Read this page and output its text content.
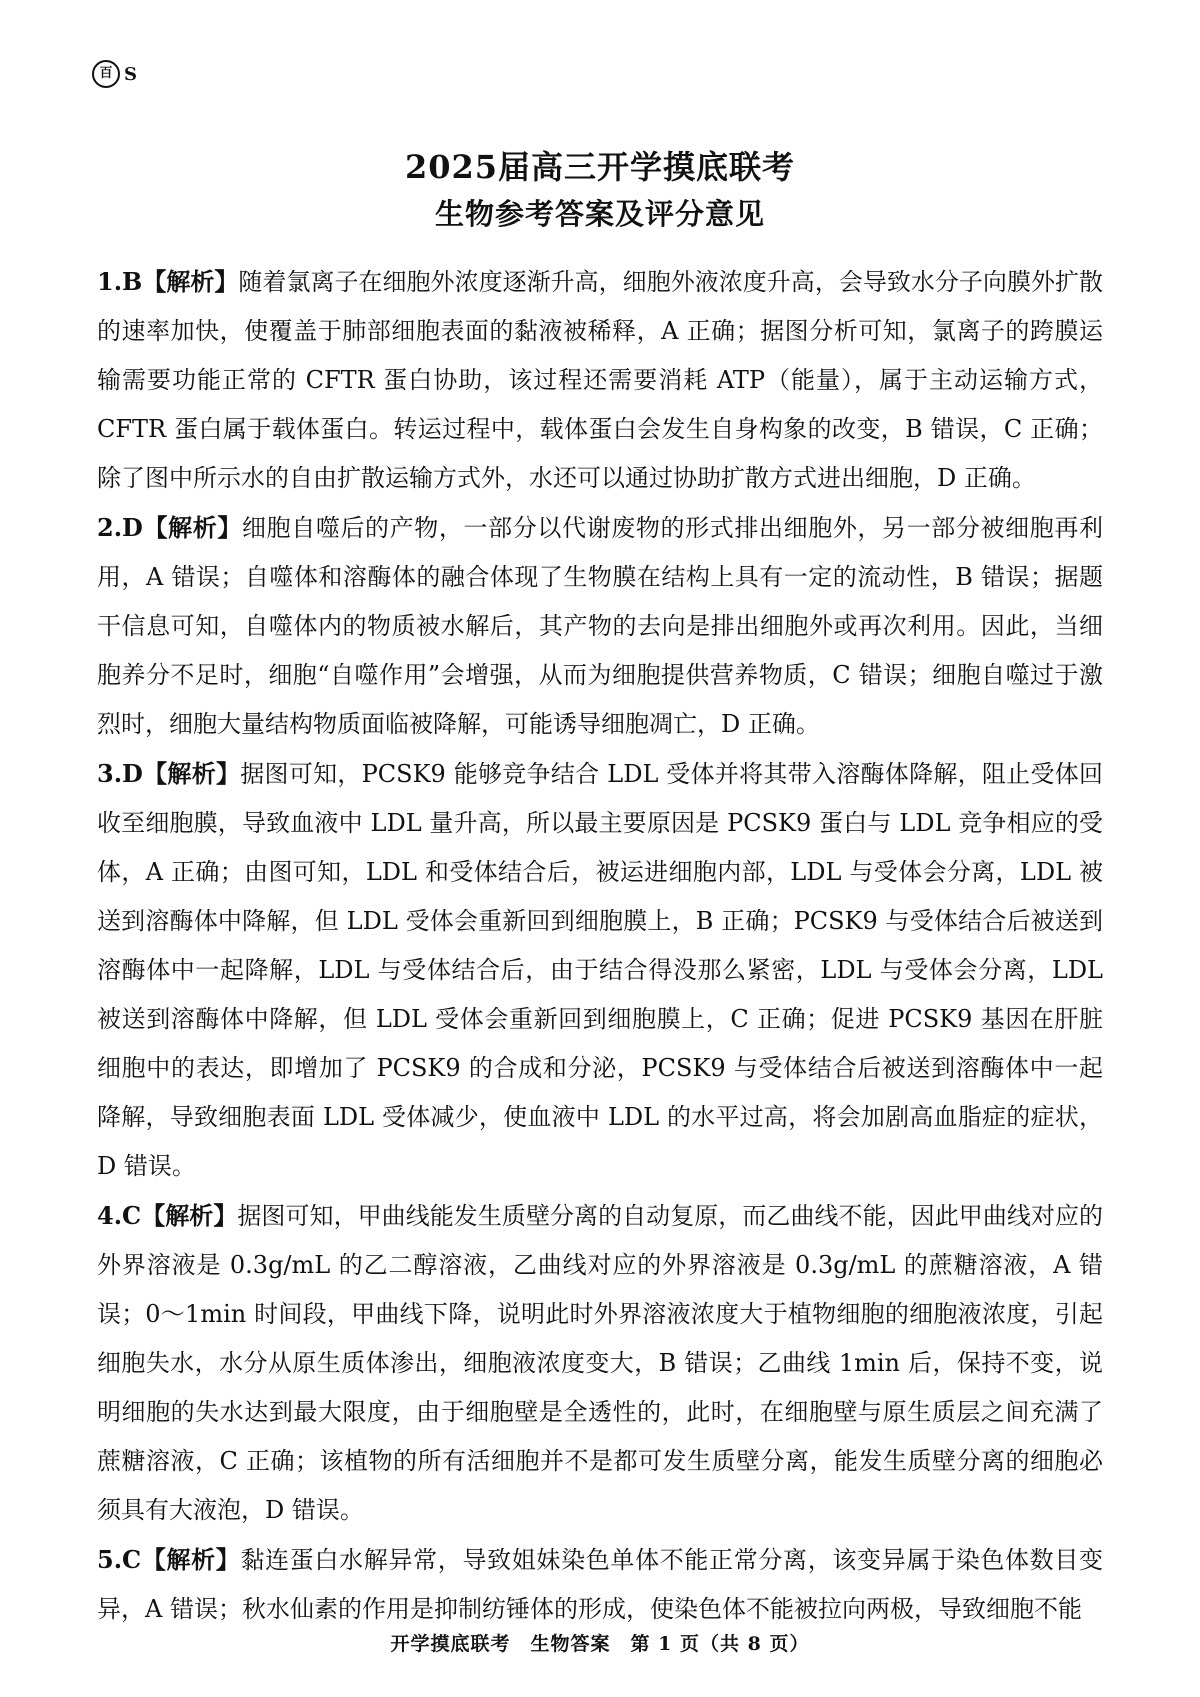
百 S
2025届高三开学摸底联考
生物参考答案及评分意见

1.B【解析】随着氯离子在细胞外浓度逐渐升高，细胞外液浓度升高，会导致水分子向膜外扩散的速率加快，使覆盖于肺部细胞表面的黏液被稀释，A 正确；据图分析可知，氯离子的跨膜运输需要功能正常的 CFTR 蛋白协助，该过程还需要消耗 ATP（能量），属于主动运输方式，CFTR 蛋白属于载体蛋白。转运过程中，载体蛋白会发生自身构象的改变，B 错误，C 正确；除了图中所示水的自由扩散运输方式外，水还可以通过协助扩散方式进出细胞，D 正确。

2.D【解析】细胞自噬后的产物，一部分以代谢废物的形式排出细胞外，另一部分被细胞再利用，A 错误；自噬体和溶酶体的融合体现了生物膜在结构上具有一定的流动性，B 错误；据题干信息可知，自噬体内的物质被水解后，其产物的去向是排出细胞外或再次利用。因此，当细胞养分不足时，细胞“自噬作用”会增强，从而为细胞提供营养物质，C 错误；细胞自噬过于激烈时，细胞大量结构物质面临被降解，可能诱导细胞凋亡，D 正确。

3.D【解析】据图可知，PCSK9 能够竞争结合 LDL 受体并将其带入溶酶体降解，阻止受体回收至细胞膜，导致血液中 LDL 量升高，所以最主要原因是 PCSK9 蛋白与 LDL 竞争相应的受体，A 正确；由图可知，LDL 和受体结合后，被运进细胞内部，LDL 与受体会分离，LDL 被送到溶酶体中降解，但 LDL 受体会重新回到细胞膜上，B 正确；PCSK9 与受体结合后被送到溶酶体中一起降解，LDL 与受体结合后，由于结合得没那么紧密，LDL 与受体会分离，LDL 被送到溶酶体中降解，但 LDL 受体会重新回到细胞膜上，C 正确；促进 PCSK9 基因在肝脏细胞中的表达，即增加了 PCSK9 的合成和分泌，PCSK9 与受体结合后被送到溶酶体中一起降解，导致细胞表面 LDL 受体减少，使血液中 LDL 的水平过高，将会加剧高血脂症的症状，D 错误。

4.C【解析】据图可知，甲曲线能发生质壁分离的自动复原，而乙曲线不能，因此甲曲线对应的外界溶液是 0.3g/mL 的乙二醇溶液，乙曲线对应的外界溶液是 0.3g/mL 的蔗糖溶液，A 错误；0～1min 时间段，甲曲线下降，说明此时外界溶液浓度大于植物细胞的细胞液浓度，引起细胞失水，水分从原生质体渗出，细胞液浓度变大，B 错误；乙曲线 1min 后，保持不变，说明细胞的失水达到最大限度，由于细胞壁是全透性的，此时，在细胞壁与原生质层之间充满了蔗糖溶液，C 正确；该植物的所有活细胞并不是都可发生质壁分离，能发生质壁分离的细胞必须具有大液泡，D 错误。

5.C【解析】黏连蛋白水解异常，导致姐妹染色单体不能正常分离，该变异属于染色体数目变异，A 错误；秋水仙素的作用是抑制纺锤体的形成，使染色体不能被拉向两极，导致细胞不能

开学摸底联考　生物答案　第 1 页（共 8 页）
